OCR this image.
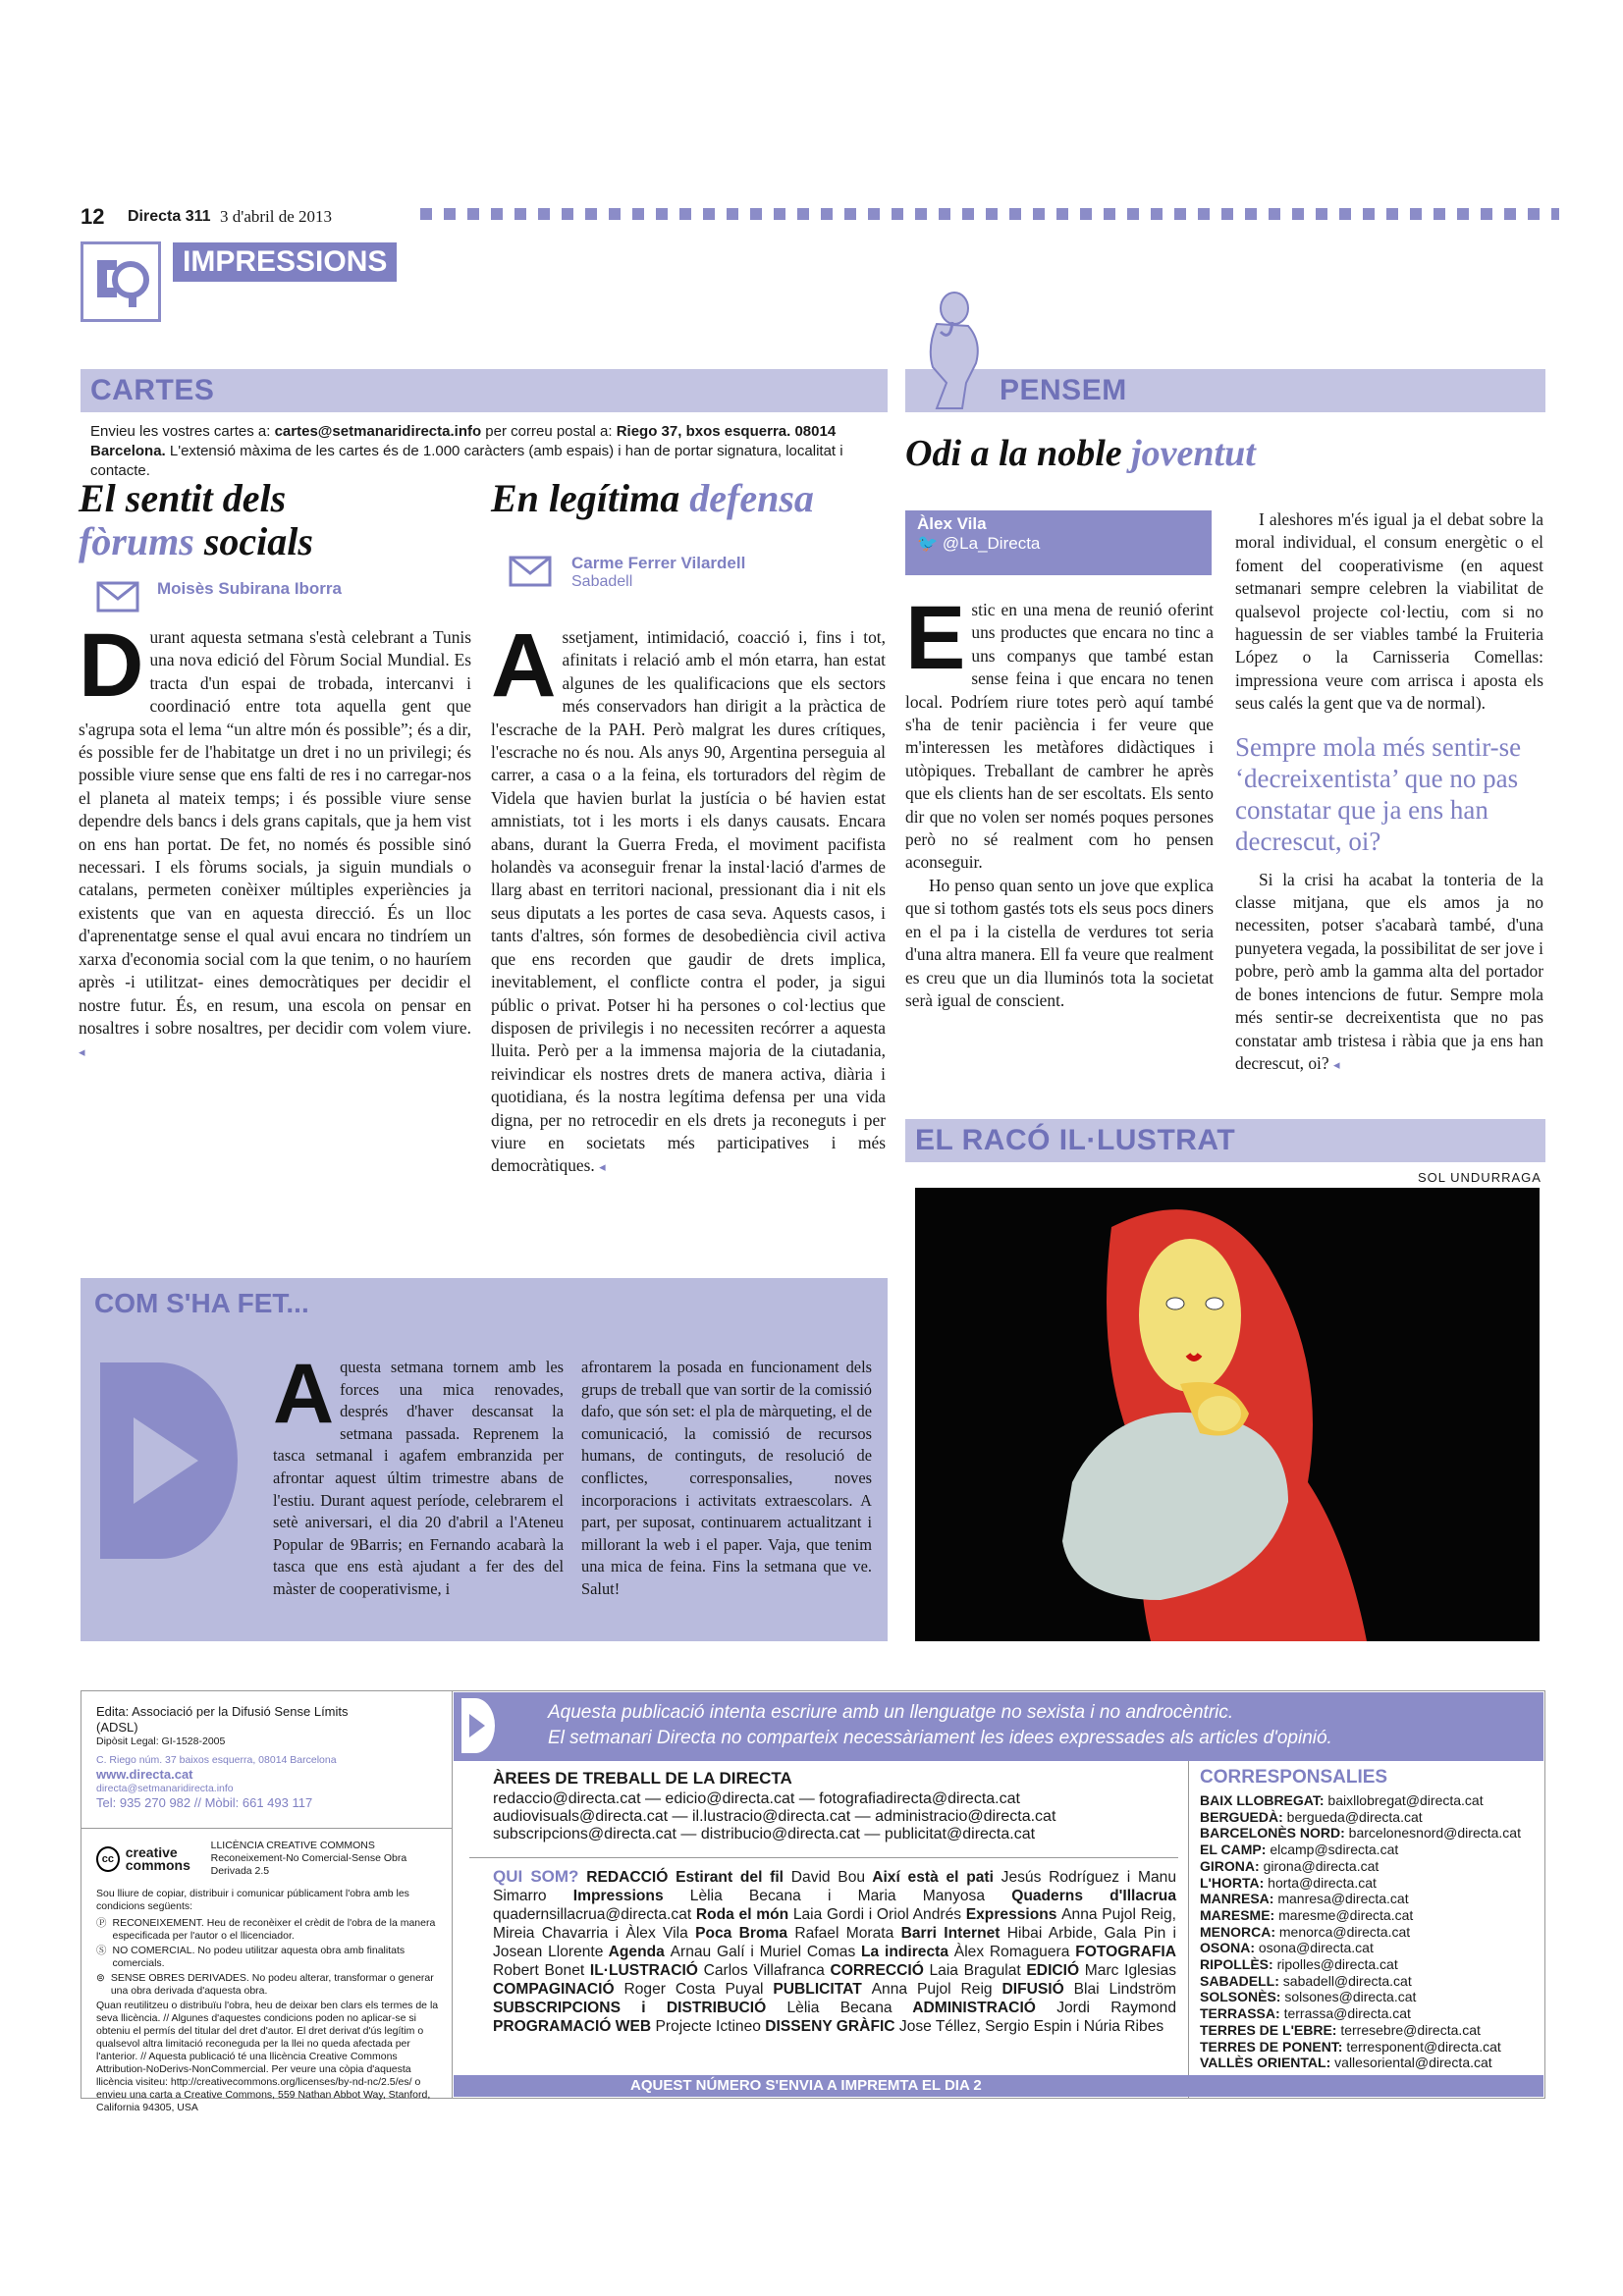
12 Directa 311 3 d'abril de 2013
IMPRESSIONS
CARTES
Envieu les vostres cartes a: cartes@setmanaridirecta.info per correu postal a: Riego 37, bxos esquerra. 08014 Barcelona. L'extensió màxima de les cartes és de 1.000 caràcters (amb espais) i han de portar signatura, localitat i contacte.
El sentit dels
fòrums socials
Moisès Subirana Iborra
Durant aquesta setmana s'està celebrant a Tunis una nova edició del Fòrum Social Mundial. Es tracta d'un espai de trobada, intercanvi i coordinació entre tota aquella gent que s'agrupa sota el lema “un altre món és possible”; és a dir, és possible fer de l'habitatge un dret i no un privilegi; és possible viure sense que ens falti de res i no carregar-nos el planeta al mateix temps; i és possible viure sense dependre dels bancs i dels grans capitals, que ja hem vist on ens han portat. De fet, no només és possible sinó necessari. I els fòrums socials, ja siguin mundials o catalans, permeten conèixer múltiples experiències ja existents que van en aquesta direcció. És un lloc d'aprenentatge sense el qual avui encara no tindríem un xarxa d'economia social com la que tenim, o no hauríem après -i utilitzat- eines democràtiques per decidir el nostre futur. És, en resum, una escola on pensar en nosaltres i sobre nosaltres, per decidir com volem viure. ◂
En legítima defensa
Carme Ferrer Vilardell
Sabadell
Assetjament, intimidació, coacció i, fins i tot, afinitats i relació amb el món etarra, han estat algunes de les qualificacions que els sectors més conservadors han dirigit a la pràctica de l'escrache de la PAH. Però malgrat les dures crítiques, l'escrache no és nou. Als anys 90, Argentina perseguia al carrer, a casa o a la feina, els torturadors del règim de Videla que havien burlat la justícia o bé havien estat amnistiats, tot i les morts i els danys causats. Encara abans, durant la Guerra Freda, el moviment pacifista holandès va aconseguir frenar la instal·lació d'armes de llarg abast en territori nacional, pressionant dia i nit els seus diputats a les portes de casa seva. Aquests casos, i tants d'altres, són formes de desobediència civil activa que ens recorden que gaudir de drets implica, inevitablement, el conflicte contra el poder, ja sigui públic o privat. Potser hi ha persones o col·lectius que disposen de privilegis i no necessiten recórrer a aquesta lluita. Però per a la immensa majoria de la ciutadania, reivindicar els nostres drets de manera activa, diària i quotidiana, és la nostra legítima defensa per una vida digna, per no retrocedir en els drets ja reconeguts i per viure en societats més participatives i més democràtiques. ◂
PENSEM
Odi a la noble joventut
Àlex Vila
🐦 @La_Directa

Estic en una mena de reunió oferint uns productes que encara no tinc a uns companys que també estan sense feina i que encara no tenen local. Podríem riure totes però aquí també s'ha de tenir paciència i fer veure que m'interessen les metàfores didàctiques i utòpiques. Treballant de cambrer he après que els clients han de ser escoltats. Els sento dir que no volen ser només poques persones però no sé realment com ho pensen aconseguir.

Ho penso quan sento un jove que explica que si tothom gastés tots els seus pocs diners en el pa i la cistella de verdures tot seria d'una altra manera. Ell fa veure que realment es creu que un dia lluminós tota la societat serà igual de conscient.

I aleshores m'és igual ja el debat sobre la moral individual, el consum energètic o el foment del cooperativisme (en aquest setmanari sempre celebren la viabilitat de qualsevol projecte col·lectiu, com si no haguessin de ser viables també la Fruiteria López o la Carnisseria Comellas: impressiona veure com arrisca i aposta els seus calés la gent que va de normal).

Sempre mola més sentir-se ‘decreixentista’ que no pas constatar que ja ens han decrescut, oi?

Si la crisi ha acabat la tonteria de la classe mitjana, que els amos ja no necessiten, potser s'acabarà també, d'una punyetera vegada, la possibilitat de ser jove i pobre, però amb la gamma alta del portador de bones intencions de futur. Sempre mola més sentir-se decreixentista que no pas constatar amb tristesa i ràbia que ja ens han decrescut, oi? ◂

EL RACÓ IL·LUSTRAT
SOL UNDURRAGA
COM S'HA FET...
Aquesta setmana tornem amb les forces una mica renovades, després d'haver descansat la setmana passada. Reprenem la tasca setmanal i agafem embranzida per afrontar aquest últim trimestre abans de l'estiu. Durant aquest període, celebrarem el setè aniversari, el dia 20 d'abril a l'Ateneu Popular de 9Barris; en Fernando acabarà la tasca que ens està ajudant a fer des del màster de cooperativisme, i
afrontarem la posada en funcionament dels grups de treball que van sortir de la comissió dafo, que són set: el pla de màrqueting, el de comunicació, la comissió de recursos humans, de continguts, de resolució de conflictes, corresponsalies, noves incorporacions i activitats extraescolars. A part, per suposat, continuarem actualitzant i millorant la web i el paper. Vaja, que tenim una mica de feina. Fins la setmana que ve. Salut!
Edita: Associació per la Difusió Sense Límits (ADSL)
Dipòsit Legal: GI-1528-2005
C. Riego núm. 37 baixos esquerra, 08014 Barcelona
www.directa.cat
directa@setmanaridirecta.info
Tel: 935 270 982 // Mòbil: 661 493 117
cc creative commons
LLICÈNCIA CREATIVE COMMONS
Reconeixement-No Comercial-Sense Obra Derivada 2.5
Sou lliure de copiar, distribuir i comunicar públicament l'obra amb les condicions següents:
Ⓟ RECONEIXEMENT. Heu de reconèixer el crèdit de l'obra de la manera especificada per l'autor o el llicenciador.
Ⓢ NO COMERCIAL. No podeu utilitzar aquesta obra amb finalitats comercials.
⊜ SENSE OBRES DERIVADES. No podeu alterar, transformar o generar una obra derivada d'aquesta obra.
Quan reutilitzeu o distribuïu l'obra, heu de deixar ben clars els termes de la seva llicència. // Algunes d'aquestes condicions poden no aplicar-se si obteniu el permís del titular del dret d'autor. El dret derivat d'ús legítim o qualsevol altra limitació reconeguda per la llei no queda afectada per l'anterior. // Aquesta publicació té una llicència Creative Commons Attribution-NoDerivs-NonCommercial. Per veure una còpia d'aquesta llicència visiteu: http://creativecommons.org/licenses/by-nd-nc/2.5/es/ o envieu una carta a Creative Commons, 559 Nathan Abbot Way, Stanford, California 94305, USA
Aquesta publicació intenta escriure amb un llenguatge no sexista i no androcèntric.
El setmanari Directa no comparteix necessàriament les idees expressades als articles d'opinió.
ÀREES DE TREBALL DE LA DIRECTA
redaccio@directa.cat — edicio@directa.cat — fotografiadirecta@directa.cat
audiovisuals@directa.cat — il.lustracio@directa.cat — administracio@directa.cat
subscripcions@directa.cat — distribucio@directa.cat — publicitat@directa.cat
QUI SOM? REDACCIÓ Estirant del fil David Bou Així està el pati Jesús Rodríguez i Manu Simarro Impressions Lèlia Becana i Maria Manyosa Quaderns d'Illacrua quadernsillacrua@directa.cat Roda el món Laia Gordi i Oriol Andrés Expressions Anna Pujol Reig, Mireia Chavarria i Àlex Vila Poca Broma Rafael Morata Barri Internet Hibai Arbide, Gala Pin i Josean Llorente Agenda Arnau Galí i Muriel Comas La indirecta Àlex Romaguera FOTOGRAFIA Robert Bonet IL·LUSTRACIÓ Carlos Villafranca CORRECCIÓ Laia Bragulat EDICIÓ Marc Iglesias COMPAGINACIÓ Roger Costa Puyal PUBLICITAT Anna Pujol Reig DIFUSIÓ Blai Lindström SUBSCRIPCIONS i DISTRIBUCIÓ Lèlia Becana ADMINISTRACIÓ Jordi Raymond PROGRAMACIÓ WEB Projecte Ictineo DISSENY GRÀFIC Jose Téllez, Sergio Espin i Núria Ribes
AQUEST NÚMERO S'ENVIA A IMPREMTA EL DIA 2
CORRESPONSALIES
BAIX LLOBREGAT: baixllobregat@directa.cat
BERGUEDÀ: bergueda@directa.cat
BARCELONÈS NORD: barcelonesnord@directa.cat
EL CAMP: elcamp@sdirecta.cat
GIRONA: girona@directa.cat
L'HORTA: horta@directa.cat
MANRESA: manresa@directa.cat
MARESME: maresme@directa.cat
MENORCA: menorca@directa.cat
OSONA: osona@directa.cat
RIPOLLÈS: ripolles@directa.cat
SABADELL: sabadell@directa.cat
SOLSONÈS: solsones@directa.cat
TERRASSA: terrassa@directa.cat
TERRES DE L'EBRE: terresebre@directa.cat
TERRES DE PONENT: terresponent@directa.cat
VALLÈS ORIENTAL: vallesoriental@directa.cat
